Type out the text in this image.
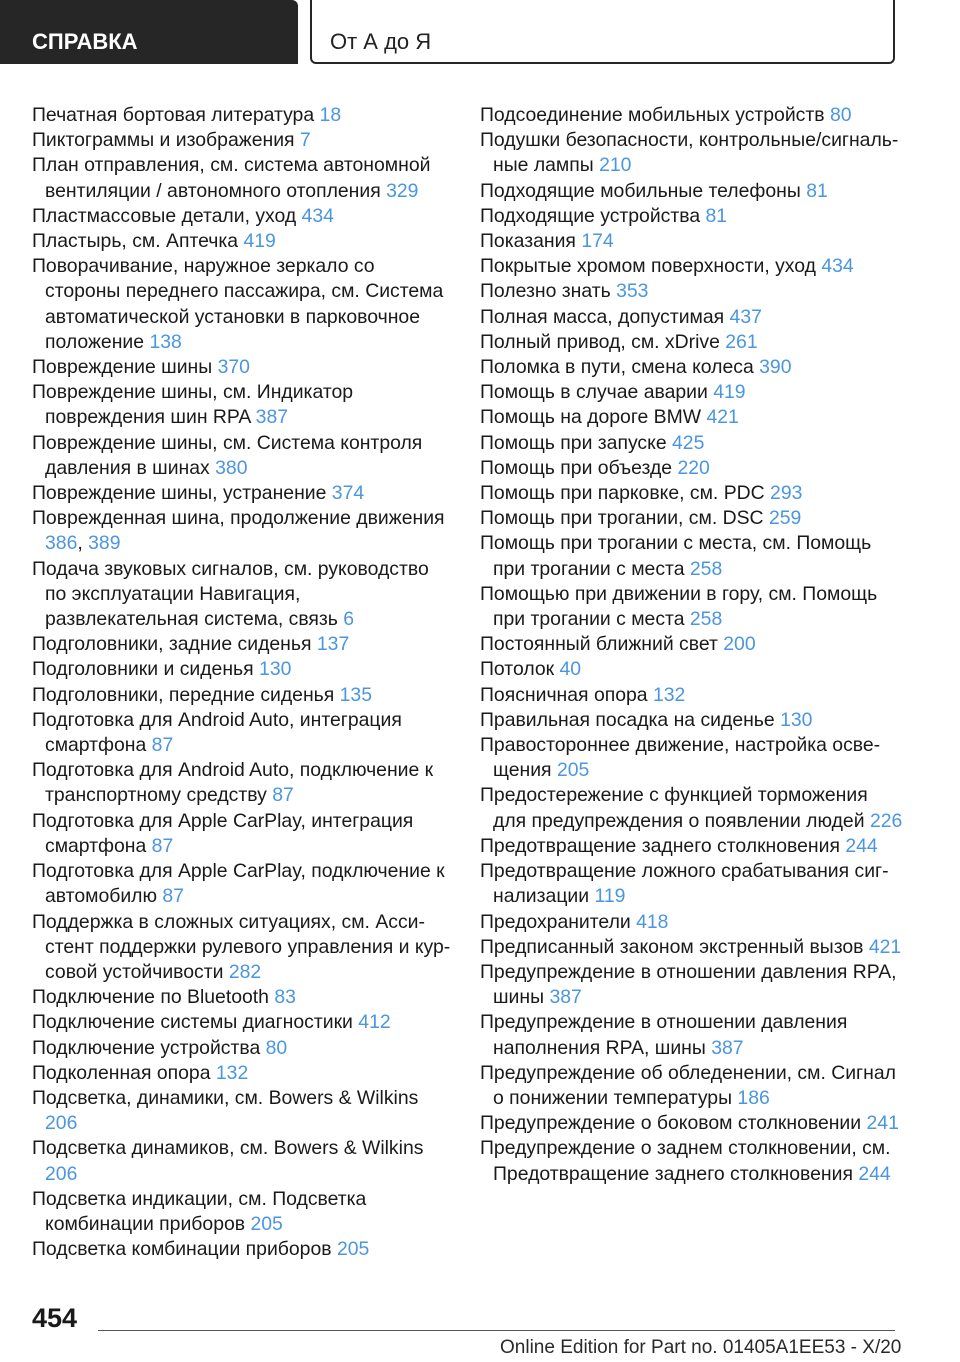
СПРАВКА	От А до Я
Печатная бортовая литература 18
Пиктограммы и изображения 7
План отправления, см. система автономной вентиляции / автономного отопления 329
Пластмассовые детали, уход 434
Пластырь, см. Аптечка 419
Поворачивание, наружное зеркало со стороны переднего пассажира, см. Система автоматической установки в парковочное положение 138
Повреждение шины 370
Повреждение шины, см. Индикатор повреждения шин RPA 387
Повреждение шины, см. Система контроля давления в шинах 380
Повреждение шины, устранение 374
Поврежденная шина, продолжение движения 386, 389
Подача звуковых сигналов, см. руководство по эксплуатации Навигация, развлекательная система, связь 6
Подголовники, задние сиденья 137
Подголовники и сиденья 130
Подголовники, передние сиденья 135
Подготовка для Android Auto, интеграция смартфона 87
Подготовка для Android Auto, подключение к транспортному средству 87
Подготовка для Apple CarPlay, интеграция смартфона 87
Подготовка для Apple CarPlay, подключение к автомобилю 87
Поддержка в сложных ситуациях, см. Ассистент поддержки рулевого управления и курсовой устойчивости 282
Подключение по Bluetooth 83
Подключение системы диагностики 412
Подключение устройства 80
Подколенная опора 132
Подсветка, динамики, см. Bowers & Wilkins 206
Подсветка динамиков, см. Bowers & Wilkins 206
Подсветка индикации, см. Подсветка комбинации приборов 205
Подсветка комбинации приборов 205
Подсоединение мобильных устройств 80
Подушки безопасности, контрольные/сигнальные лампы 210
Подходящие мобильные телефоны 81
Подходящие устройства 81
Показания 174
Покрытые хромом поверхности, уход 434
Полезно знать 353
Полная масса, допустимая 437
Полный привод, см. xDrive 261
Поломка в пути, смена колеса 390
Помощь в случае аварии 419
Помощь на дороге BMW 421
Помощь при запуске 425
Помощь при объезде 220
Помощь при парковке, см. PDC 293
Помощь при трогании, см. DSC 259
Помощь при трогании с места, см. Помощь при трогании с места 258
Помощью при движении в гору, см. Помощь при трогании с места 258
Постоянный ближний свет 200
Потолок 40
Поясничная опора 132
Правильная посадка на сиденье 130
Правостороннее движение, настройка освещения 205
Предостережение с функцией торможения для предупреждения о появлении людей 226
Предотвращение заднего столкновения 244
Предотвращение ложного срабатывания сигнализации 119
Предохранители 418
Предписанный законом экстренный вызов 421
Предупреждение в отношении давления RPA, шины 387
Предупреждение в отношении давления наполнения RPA, шины 387
Предупреждение об обледенении, см. Сигнал о понижении температуры 186
Предупреждение о боковом столкновении 241
Предупреждение о заднем столкновении, см. Предотвращение заднего столкновения 244
454
Online Edition for Part no. 01405A1EE53 - X/20
